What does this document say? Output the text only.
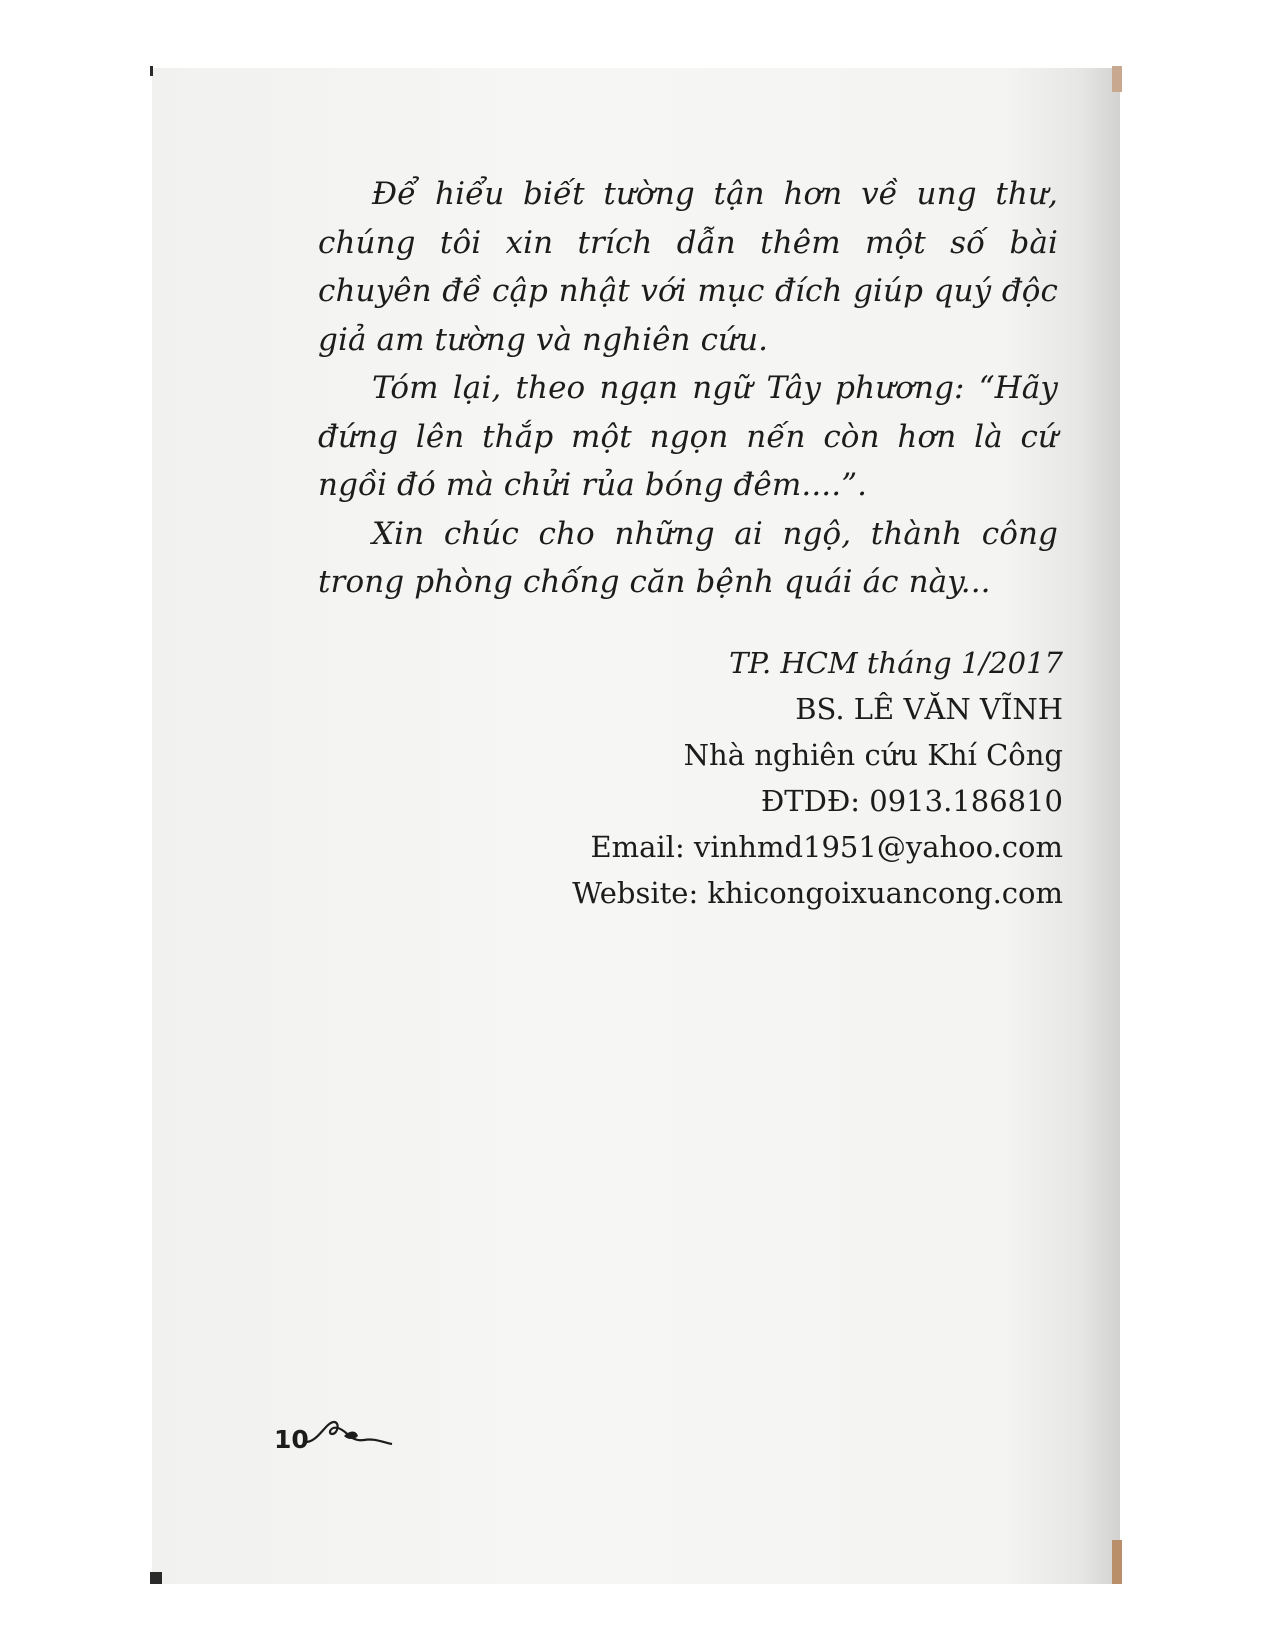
Để hiểu biết tường tận hơn về ung thư, chúng tôi xin trích dẫn thêm một số bài chuyên đề cập nhật với mục đích giúp quý độc giả am tường và nghiên cứu.

Tóm lại, theo ngạn ngữ Tây phương: “Hãy đứng lên thắp một ngọn nến còn hơn là cứ ngồi đó mà chửi rủa bóng đêm....”.

Xin chúc cho những ai ngộ, thành công trong phòng chống căn bệnh quái ác này...

TP. HCM tháng 1/2017
BS. LÊ VĂN VĨNH
Nhà nghiên cứu Khí Công
ĐTDĐ: 0913.186810
Email: vinhmd1951@yahoo.com
Website: khicongoixuancong.com
10
